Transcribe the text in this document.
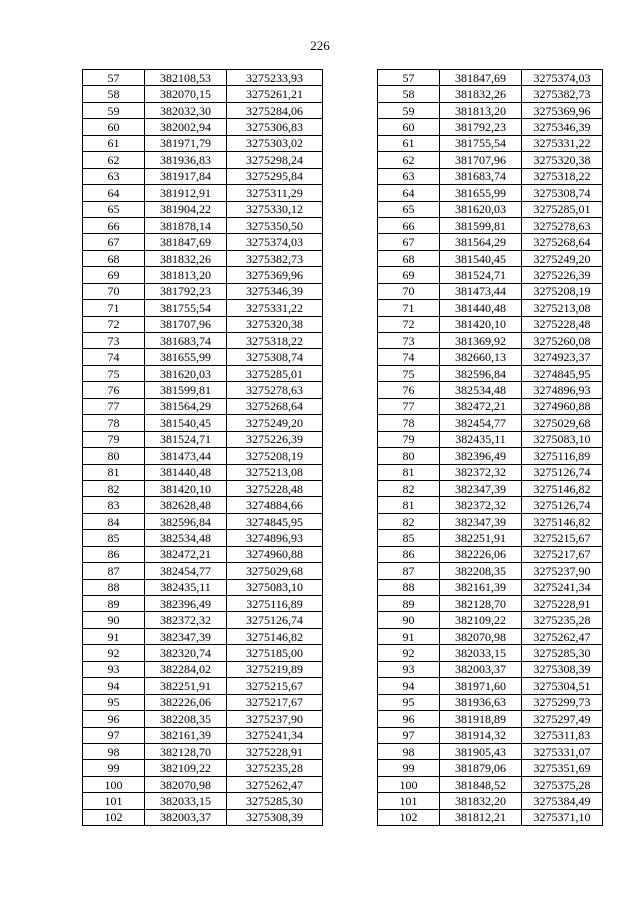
226
57	382108,53	3275233,93
58	382070,15	3275261,21
59	382032,30	3275284,06
60	382002,94	3275306,83
61	381971,79	3275303,02
62	381936,83	3275298,24
63	381917,84	3275295,84
64	381912,91	3275311,29
65	381904,22	3275330,12
66	381878,14	3275350,50
67	381847,69	3275374,03
68	381832,26	3275382,73
69	381813,20	3275369,96
70	381792,23	3275346,39
71	381755,54	3275331,22
72	381707,96	3275320,38
73	381683,74	3275318,22
74	381655,99	3275308,74
75	381620,03	3275285,01
76	381599,81	3275278,63
77	381564,29	3275268,64
78	381540,45	3275249,20
79	381524,71	3275226,39
80	381473,44	3275208,19
81	381440,48	3275213,08
82	381420,10	3275228,48
83	382628,48	3274884,66
84	382596,84	3274845,95
85	382534,48	3274896,93
86	382472,21	3274960,88
87	382454,77	3275029,68
88	382435,11	3275083,10
89	382396,49	3275116,89
90	382372,32	3275126,74
91	382347,39	3275146,82
92	382320,74	3275185,00
93	382284,02	3275219,89
94	382251,91	3275215,67
95	382226,06	3275217,67
96	382208,35	3275237,90
97	382161,39	3275241,34
98	382128,70	3275228,91
99	382109,22	3275235,28
100	382070,98	3275262,47
101	382033,15	3275285,30
102	382003,37	3275308,39
57	381847,69	3275374,03
58	381832,26	3275382,73
59	381813,20	3275369,96
60	381792,23	3275346,39
61	381755,54	3275331,22
62	381707,96	3275320,38
63	381683,74	3275318,22
64	381655,99	3275308,74
65	381620,03	3275285,01
66	381599,81	3275278,63
67	381564,29	3275268,64
68	381540,45	3275249,20
69	381524,71	3275226,39
70	381473,44	3275208,19
71	381440,48	3275213,08
72	381420,10	3275228,48
73	381369,92	3275260,08
74	382660,13	3274923,37
75	382596,84	3274845,95
76	382534,48	3274896,93
77	382472,21	3274960,88
78	382454,77	3275029,68
79	382435,11	3275083,10
80	382396,49	3275116,89
81	382372,32	3275126,74
82	382347,39	3275146,82
81	382372,32	3275126,74
82	382347,39	3275146,82
85	382251,91	3275215,67
86	382226,06	3275217,67
87	382208,35	3275237,90
88	382161,39	3275241,34
89	382128,70	3275228,91
90	382109,22	3275235,28
91	382070,98	3275262,47
92	382033,15	3275285,30
93	382003,37	3275308,39
94	381971,60	3275304,51
95	381936,63	3275299,73
96	381918,89	3275297,49
97	381914,32	3275311,83
98	381905,43	3275331,07
99	381879,06	3275351,69
100	381848,52	3275375,28
101	381832,20	3275384,49
102	381812,21	3275371,10
